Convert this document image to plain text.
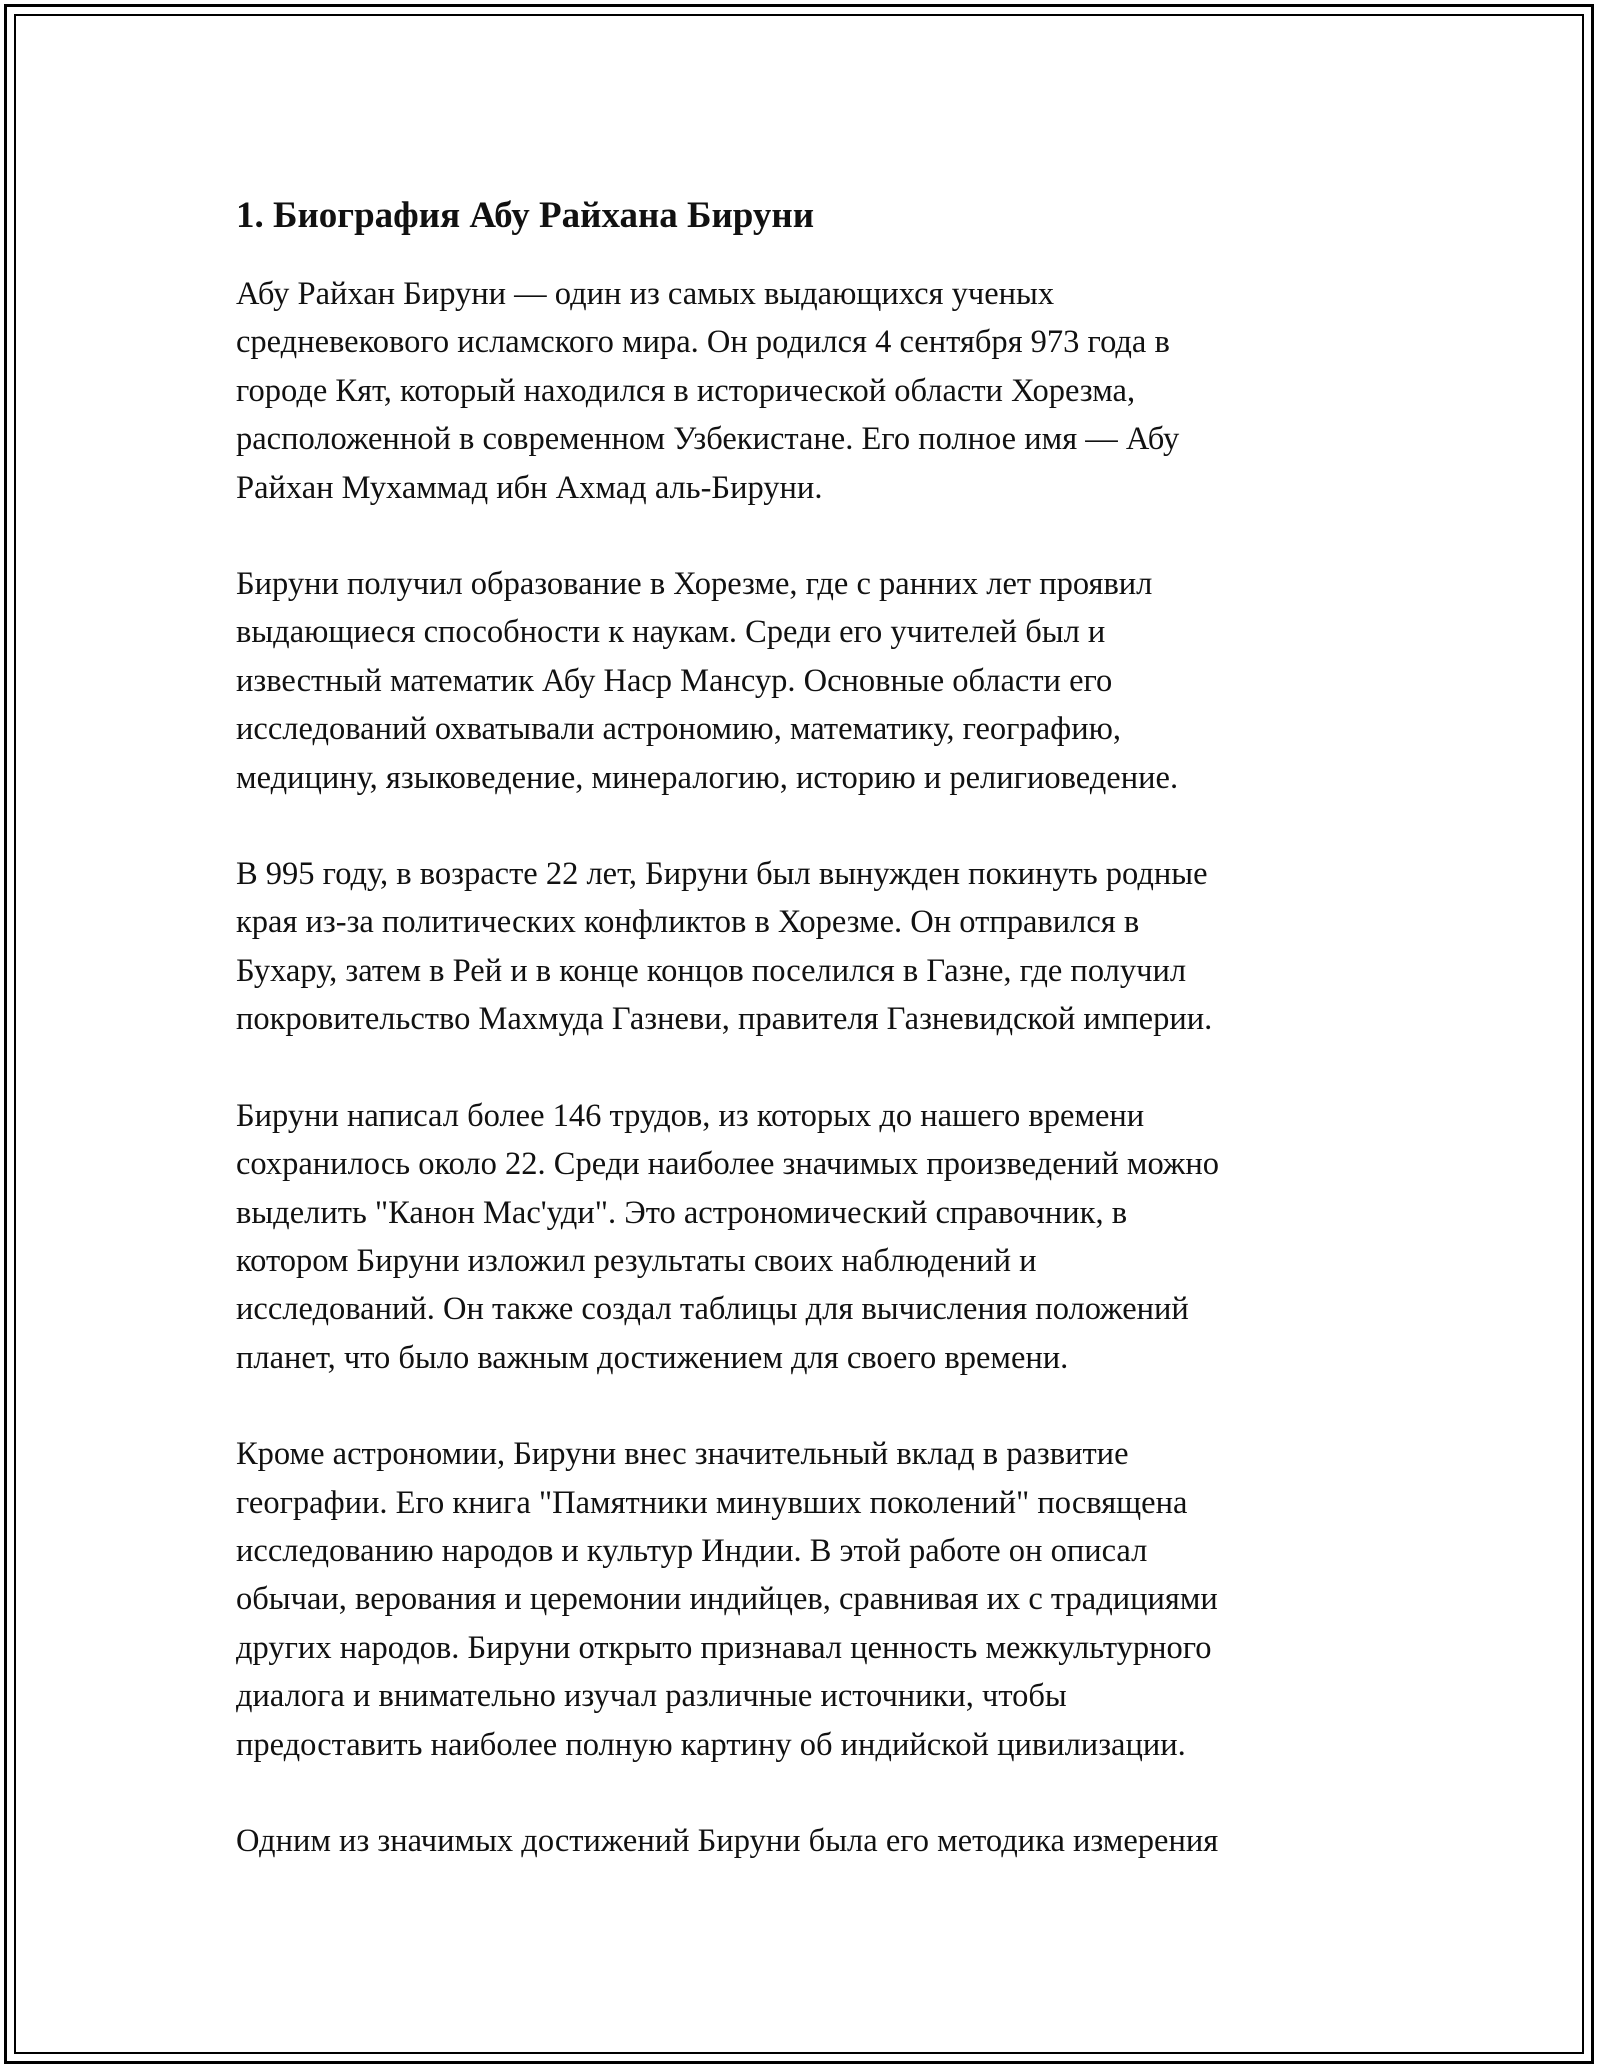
1. Биография Абу Райхана Бируни

Абу Райхан Бируни — один из самых выдающихся ученых
средневекового исламского мира. Он родился 4 сентября 973 года в
городе Кят, который находился в исторической области Хорезма,
расположенной в современном Узбекистане. Его полное имя — Абу
Райхан Мухаммад ибн Ахмад аль-Бируни.

Бируни получил образование в Хорезме, где с ранних лет проявил
выдающиеся способности к наукам. Среди его учителей был и
известный математик Абу Наср Мансур. Основные области его
исследований охватывали астрономию, математику, географию,
медицину, языковедение, минералогию, историю и религиоведение.

В 995 году, в возрасте 22 лет, Бируни был вынужден покинуть родные
края из-за политических конфликтов в Хорезме. Он отправился в
Бухару, затем в Рей и в конце концов поселился в Газне, где получил
покровительство Махмуда Газневи, правителя Газневидской империи.

Бируни написал более 146 трудов, из которых до нашего времени
сохранилось около 22. Среди наиболее значимых произведений можно
выделить "Канон Мас'уди". Это астрономический справочник, в
котором Бируни изложил результаты своих наблюдений и
исследований. Он также создал таблицы для вычисления положений
планет, что было важным достижением для своего времени.

Кроме астрономии, Бируни внес значительный вклад в развитие
географии. Его книга "Памятники минувших поколений" посвящена
исследованию народов и культур Индии. В этой работе он описал
обычаи, верования и церемонии индийцев, сравнивая их с традициями
других народов. Бируни открыто признавал ценность межкультурного
диалога и внимательно изучал различные источники, чтобы
предоставить наиболее полную картину об индийской цивилизации.

Одним из значимых достижений Бируни была его методика измерения
